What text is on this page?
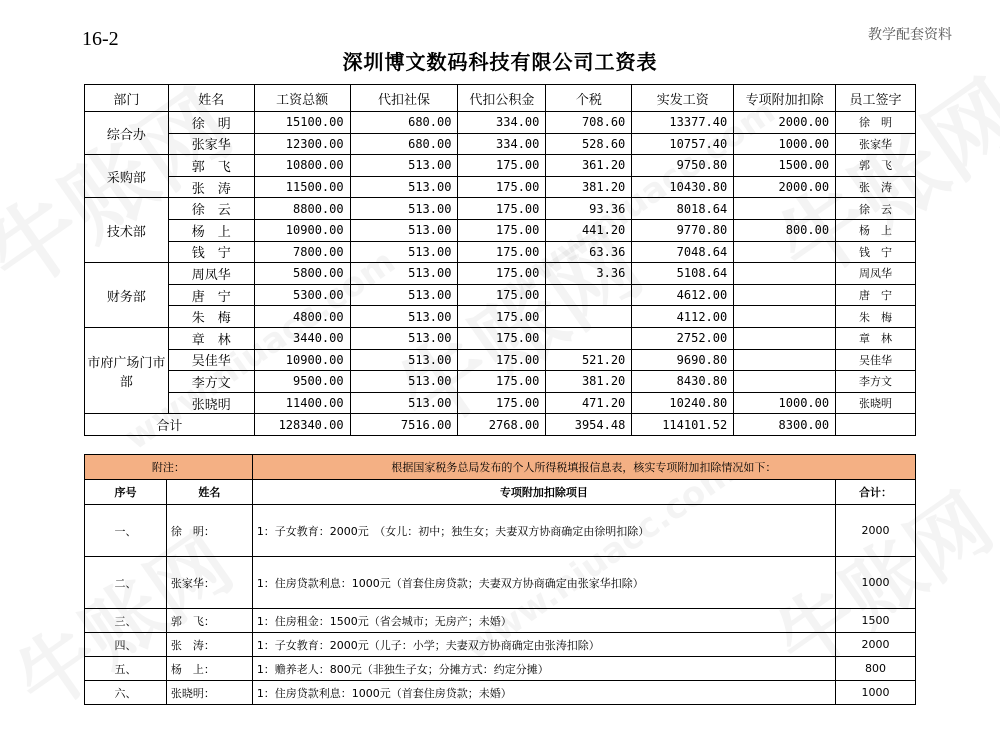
16-2	教学配套资料
深圳博文数码科技有限公司工资表
部门	姓名	工资总额	代扣社保	代扣公积金	个税	实发工资	专项附加扣除	员工签字
综合办	徐　明	15100.00	680.00	334.00	708.60	13377.40	2000.00	徐　明
	张家华	12300.00	680.00	334.00	528.60	10757.40	1000.00	张家华
采购部	郭　飞	10800.00	513.00	175.00	361.20	9750.80	1500.00	郭　飞
	张　涛	11500.00	513.00	175.00	381.20	10430.80	2000.00	张　涛
技术部	徐　云	8800.00	513.00	175.00	93.36	8018.64		徐　云
	杨　上	10900.00	513.00	175.00	441.20	9770.80	800.00	杨　上
	钱　宁	7800.00	513.00	175.00	63.36	7048.64		钱　宁
财务部	周凤华	5800.00	513.00	175.00	3.36	5108.64		周凤华
	唐　宁	5300.00	513.00	175.00		4612.00		唐　宁
	朱　梅	4800.00	513.00	175.00		4112.00		朱　梅
市府广场门市部	章　林	3440.00	513.00	175.00		2752.00		章　林
	吴佳华	10900.00	513.00	175.00	521.20	9690.80		吴佳华
	李方文	9500.00	513.00	175.00	381.20	8430.80		李方文
	张晓明	11400.00	513.00	175.00	471.20	10240.80	1000.00	张晓明
合计		128340.00	7516.00	2768.00	3954.48	114101.52	8300.00	
附注：		根据国家税务总局发布的个人所得税填报信息表，核实专项附加扣除情况如下：	
序号	姓名	专项附加扣除项目	合计：
一、	徐　明：	1：子女教育：2000元　（女儿：初中；独生女；夫妻双方协商确定由徐明扣除）	2000
二、	张家华：	1：住房贷款利息：1000元（首套住房贷款；夫妻双方协商确定由张家华扣除）	1000
三、	郭　飞：	1：住房租金：1500元（省会城市；无房产；未婚）	1500
四、	张　涛：	1：子女教育：2000元（儿子：小学；夫妻双方协商确定由张涛扣除）	2000
五、	杨　上：	1：赡养老人：800元（非独生子女；分摊方式：约定分摊）	800
六、	张晓明：	1：住房贷款利息：1000元（首套住房贷款；未婚）	1000
